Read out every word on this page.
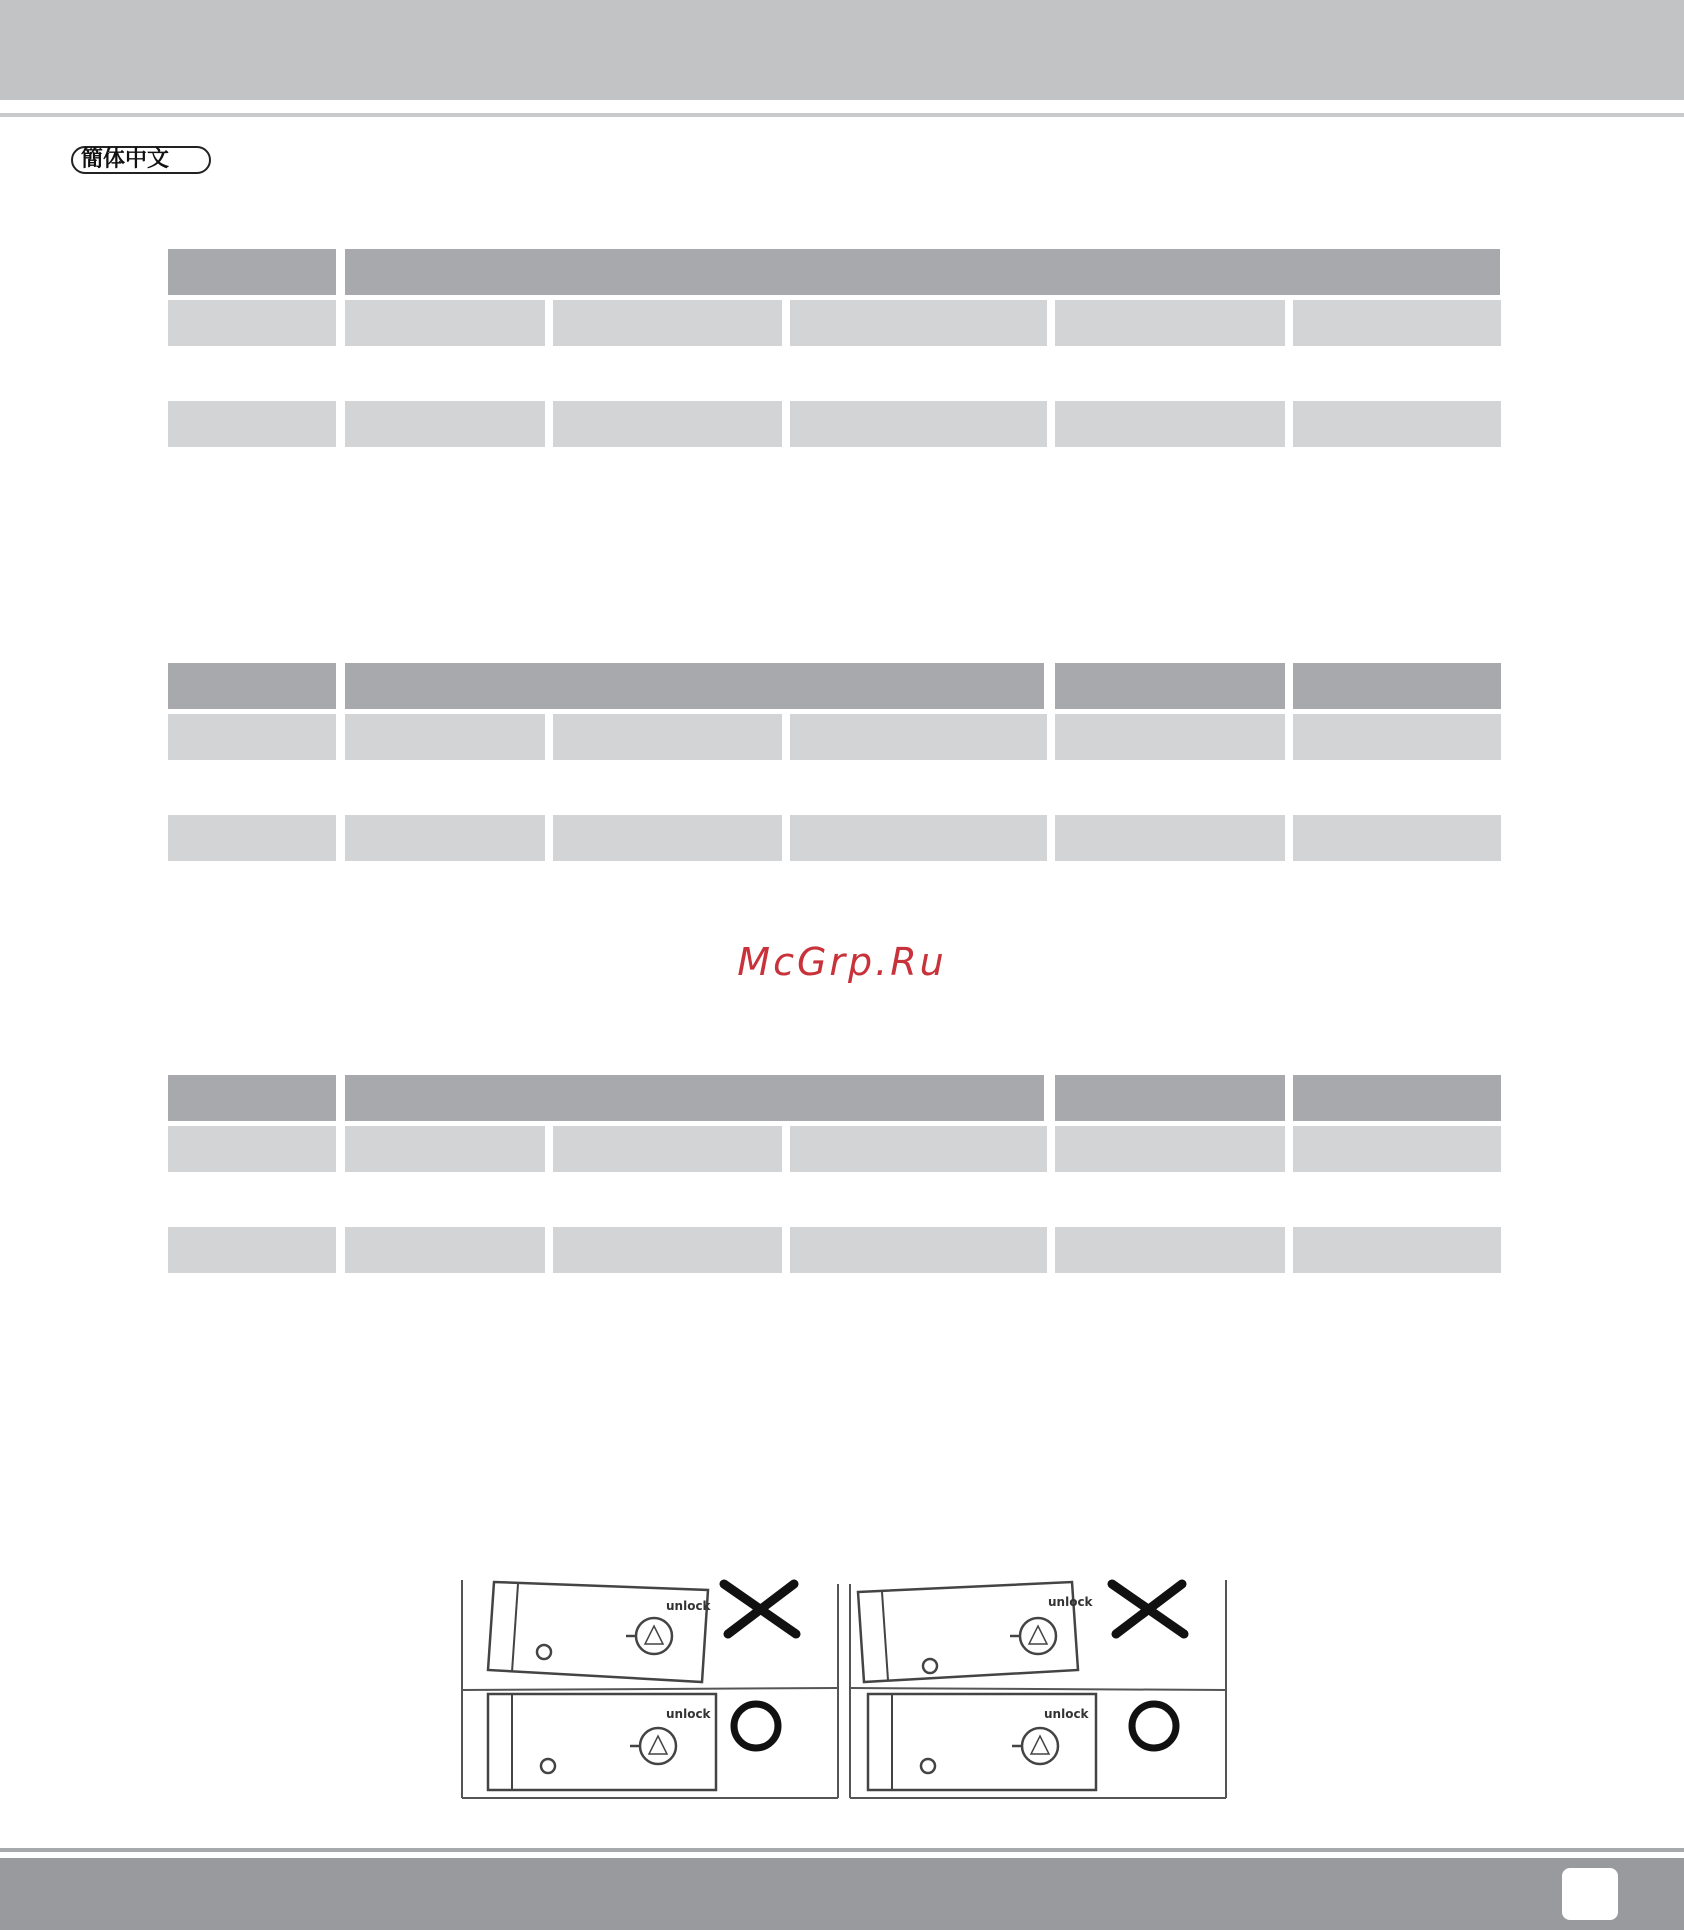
簡体中文
McGrp.Ru
unlock	unlock
unlock	unlock
